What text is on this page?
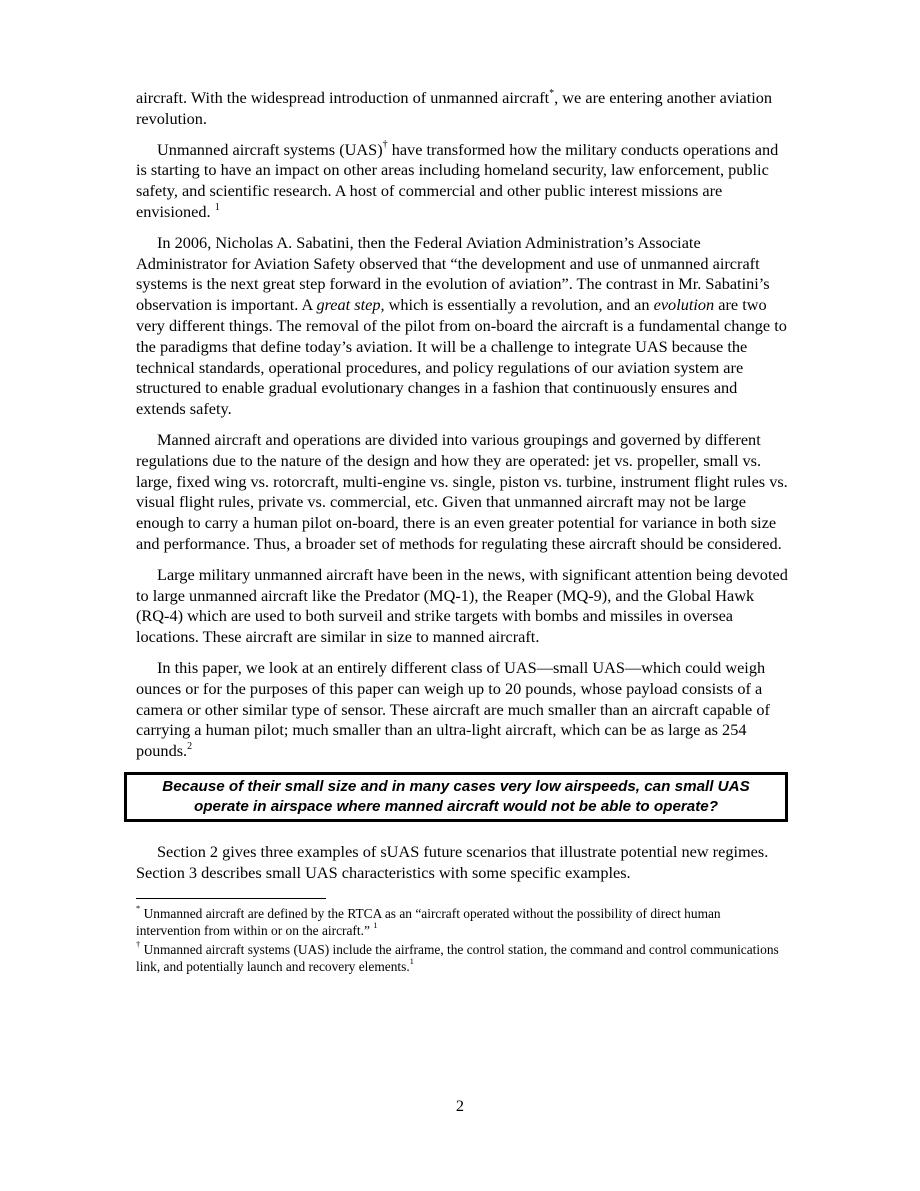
aircraft. With the widespread introduction of unmanned aircraft*, we are entering another aviation revolution.

Unmanned aircraft systems (UAS)† have transformed how the military conducts operations and is starting to have an impact on other areas including homeland security, law enforcement, public safety, and scientific research. A host of commercial and other public interest missions are envisioned. $^1$

In 2006, Nicholas A. Sabatini, then the Federal Aviation Administration’s Associate Administrator for Aviation Safety observed that “the development and use of unmanned aircraft systems is the next great step forward in the evolution of aviation”. The contrast in Mr. Sabatini’s observation is important. A great step, which is essentially a revolution, and an evolution are two very different things. The removal of the pilot from on-board the aircraft is a fundamental change to the paradigms that define today’s aviation. It will be a challenge to integrate UAS because the technical standards, operational procedures, and policy regulations of our aviation system are structured to enable gradual evolutionary changes in a fashion that continuously ensures and extends safety.

Manned aircraft and operations are divided into various groupings and governed by different regulations due to the nature of the design and how they are operated: jet vs. propeller, small vs. large, fixed wing vs. rotorcraft, multi-engine vs. single, piston vs. turbine, instrument flight rules vs. visual flight rules, private vs. commercial, etc. Given that unmanned aircraft may not be large enough to carry a human pilot on-board, there is an even greater potential for variance in both size and performance. Thus, a broader set of methods for regulating these aircraft should be considered.

Large military unmanned aircraft have been in the news, with significant attention being devoted to large unmanned aircraft like the Predator (MQ-1), the Reaper (MQ-9), and the Global Hawk (RQ-4) which are used to both surveil and strike targets with bombs and missiles in oversea locations. These aircraft are similar in size to manned aircraft.

In this paper, we look at an entirely different class of UAS—small UAS—which could weigh ounces or for the purposes of this paper can weigh up to 20 pounds, whose payload consists of a camera or other similar type of sensor. These aircraft are much smaller than an aircraft capable of carrying a human pilot; much smaller than an ultra-light aircraft, which can be as large as 254 pounds.$^2$

Because of their small size and in many cases very low airspeeds, can small UAS
operate in airspace where manned aircraft would not be able to operate?

Section 2 gives three examples of sUAS future scenarios that illustrate potential new regimes. Section 3 describes small UAS characteristics with some specific examples.

* Unmanned aircraft are defined by the RTCA as an “aircraft operated without the possibility of direct human intervention from within or on the aircraft.” $^1$

† Unmanned aircraft systems (UAS) include the airframe, the control station, the command and control communications link, and potentially launch and recovery elements.$^1$

2
